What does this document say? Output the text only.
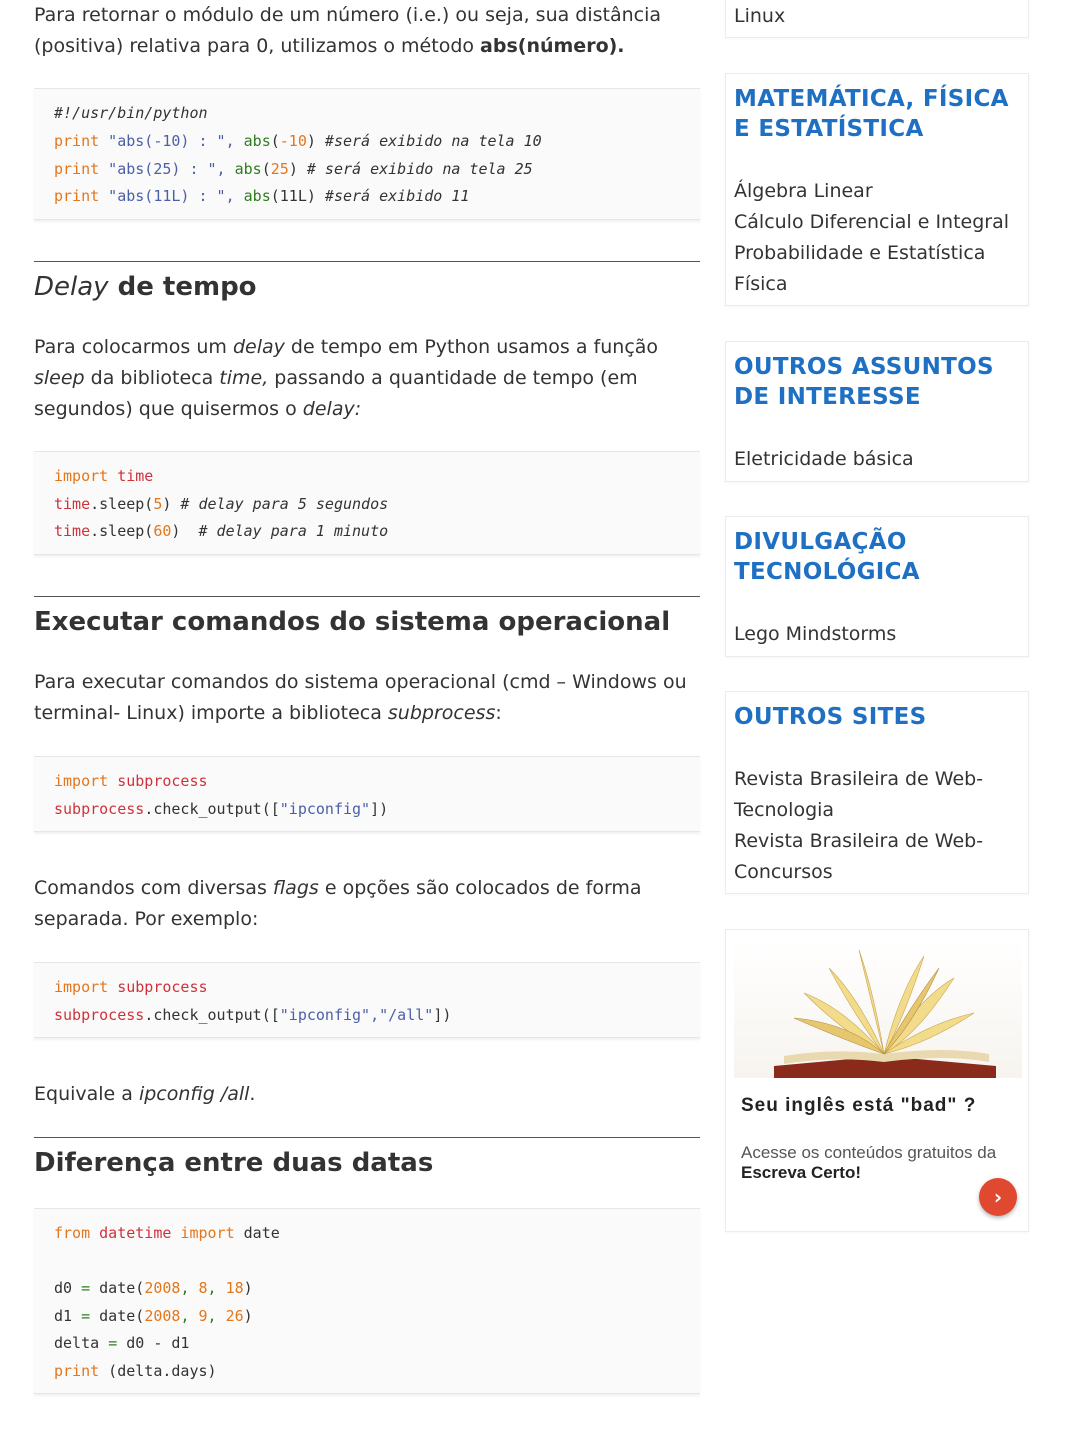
Para retornar o módulo de um número (i.e.) ou seja, sua distância (positiva) relativa para 0, utilizamos o método abs(número).

#!/usr/bin/python
print "abs(-10) : ", abs(-10) #será exibido na tela 10
print "abs(25) : ", abs(25) # será exibido na tela 25
print "abs(11L) : ", abs(11L) #será exibido 11
Delay de tempo

Para colocarmos um delay de tempo em Python usamos a função sleep da biblioteca time, passando a quantidade de tempo (em segundos) que quisermos o delay:

import time
time.sleep(5) # delay para 5 segundos
time.sleep(60)  # delay para 1 minuto
Executar comandos do sistema operacional

Para executar comandos do sistema operacional (cmd – Windows ou terminal- Linux) importe a biblioteca subprocess:

import subprocess
subprocess.check_output(["ipconfig"])

Comandos com diversas flags e opções são colocados de forma separada. Por exemplo:

import subprocess
subprocess.check_output(["ipconfig","/all"])

Equivale a ipconfig /all.

Diferença entre duas datas
from datetime import date
d0 = date(2008, 8, 18)
d1 = date(2008, 9, 26)
delta = d0 - d1
print (delta.days)
Linux
MATEMÁTICA, FÍSICA E ESTATÍSTICA
Álgebra Linear
Cálculo Diferencial e Integral
Probabilidade e Estatística
Física
OUTROS ASSUNTOS DE INTERESSE
Eletricidade básica
DIVULGAÇÃO TECNOLÓGICA
Lego Mindstorms
OUTROS SITES
Revista Brasileira de Web-Tecnologia
Revista Brasileira de Web-Concursos
Seu inglês está "bad" ?
Acesse os conteúdos gratuitos da Escreva Certo!
›
